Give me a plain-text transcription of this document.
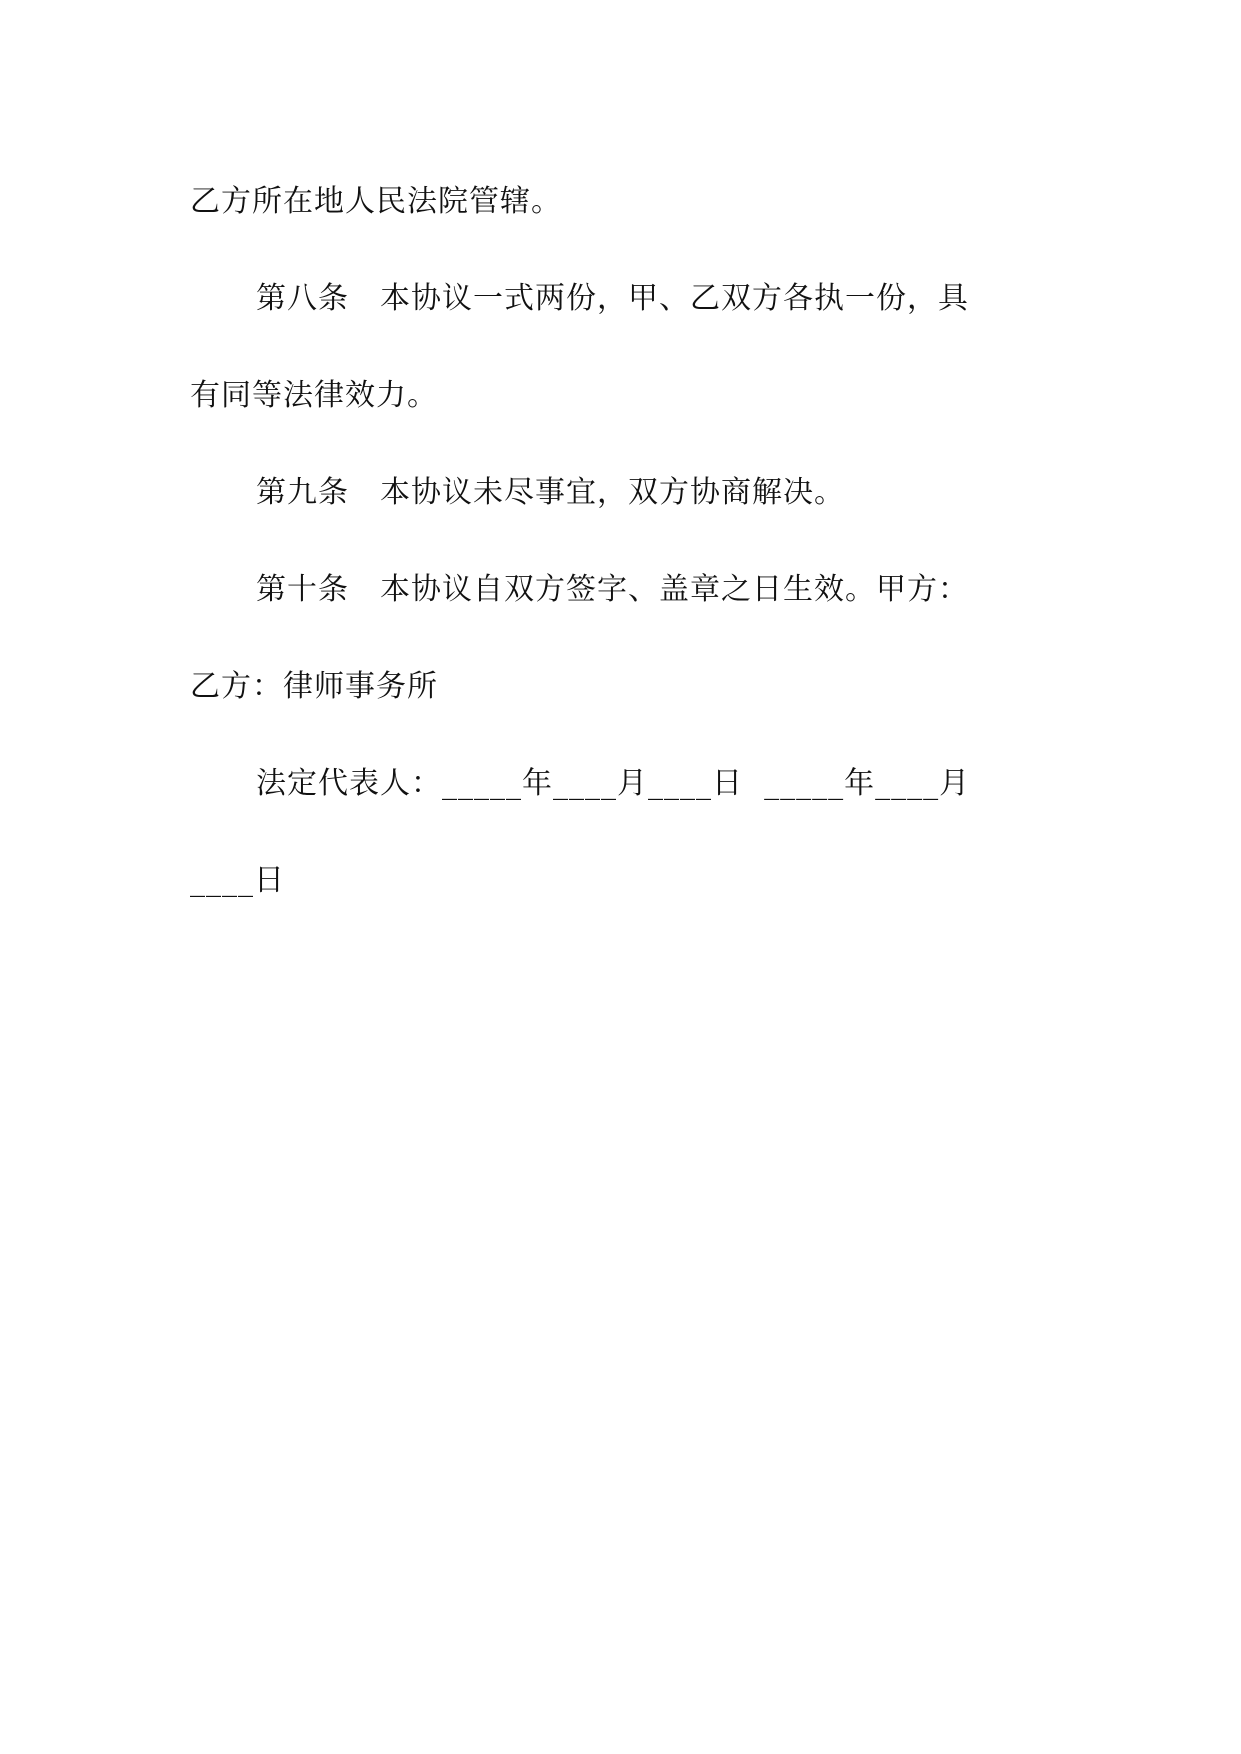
乙方所在地人民法院管辖。
第八条　本协议一式两份，甲、乙双方各执一份，具
有同等法律效力。
第九条　本协议未尽事宜，双方协商解决。
第十条　本协议自双方签字、盖章之日生效。甲方：
乙方：律师事务所
法定代表人：_____年____月____日  _____年____月
____日
